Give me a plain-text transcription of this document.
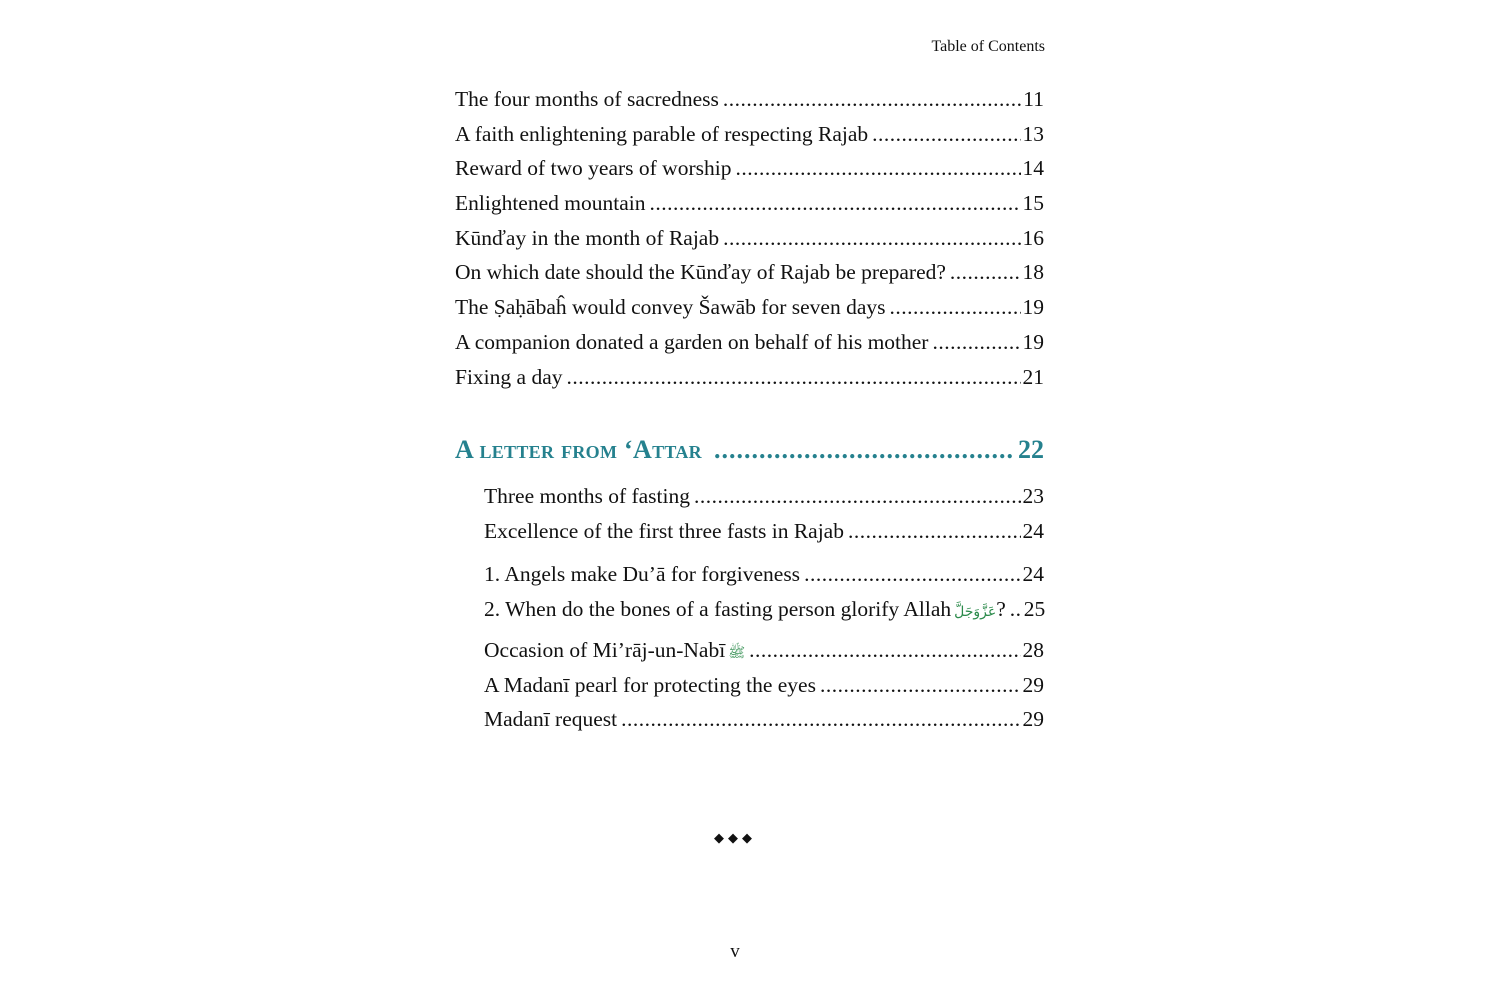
Table of Contents
The four months of sacredness .....	11
A faith enlightening parable of respecting Rajab .....	13
Reward of two years of worship .....	14
Enlightened mountain .....	15
Kūnďay in the month of Rajab .....	16
On which date should the Kūnďay of Rajab be prepared? .....	18
The Ṣaḥābaĥ would convey Šawāb for seven days .....	19
A companion donated a garden on behalf of his mother .....	19
Fixing a day .....	21
A letter from ‘Attar .....	22
Three months of fasting .....	23
Excellence of the first three fasts in Rajab .....	24
1. Angels make Du’ā for forgiveness .....	24
2. When do the bones of a fasting person glorify Allah عَزَّوَجَلَّ ? ..... 25
Occasion of Mi’rāj-un-Nabī ﷺ .....	28
A Madanī pearl for protecting the eyes .....	29
Madanī request .....	29
◆◆◆
v
